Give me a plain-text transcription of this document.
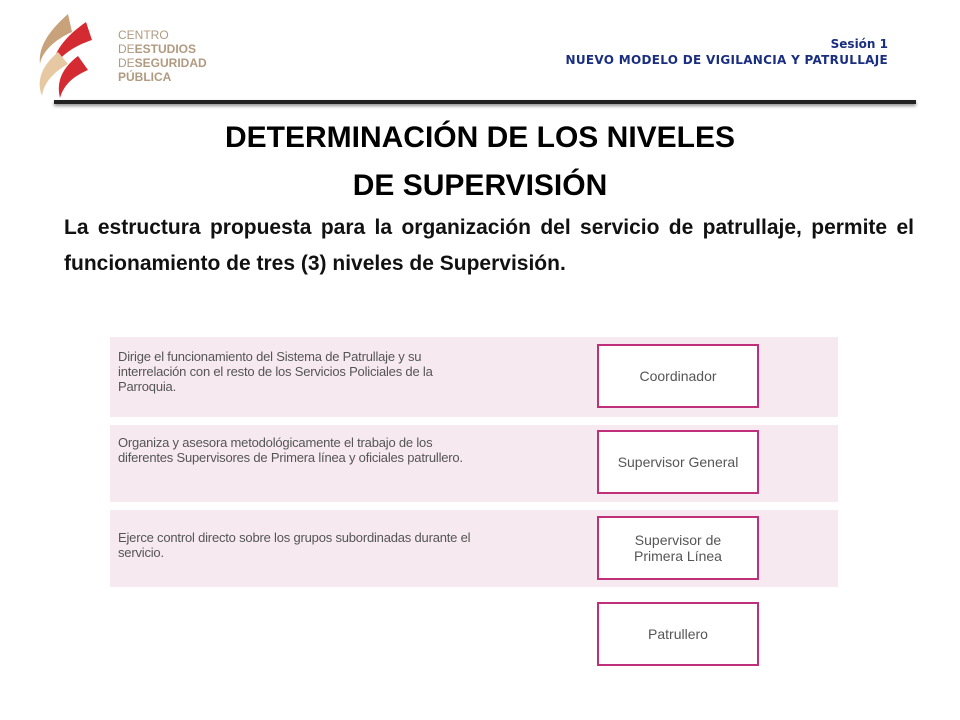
CENTRO
DEESTUDIOS
DESEGURIDAD
PÚBLICA
Sesión 1
NUEVO MODELO DE VIGILANCIA Y PATRULLAJE
DETERMINACIÓN DE LOS NIVELES
DE SUPERVISIÓN
La estructura propuesta para la organización del servicio de patrullaje, permite el funcionamiento de tres (3) niveles de Supervisión.
Dirige el funcionamiento del Sistema de Patrullaje y su interrelación con el resto de los Servicios Policiales de la Parroquia.
Organiza y asesora metodológicamente el trabajo de los diferentes Supervisores de Primera línea y oficiales patrullero.
Ejerce control directo sobre los grupos subordinadas durante el servicio.
Coordinador
Supervisor General
Supervisor de Primera Línea
Patrullero
